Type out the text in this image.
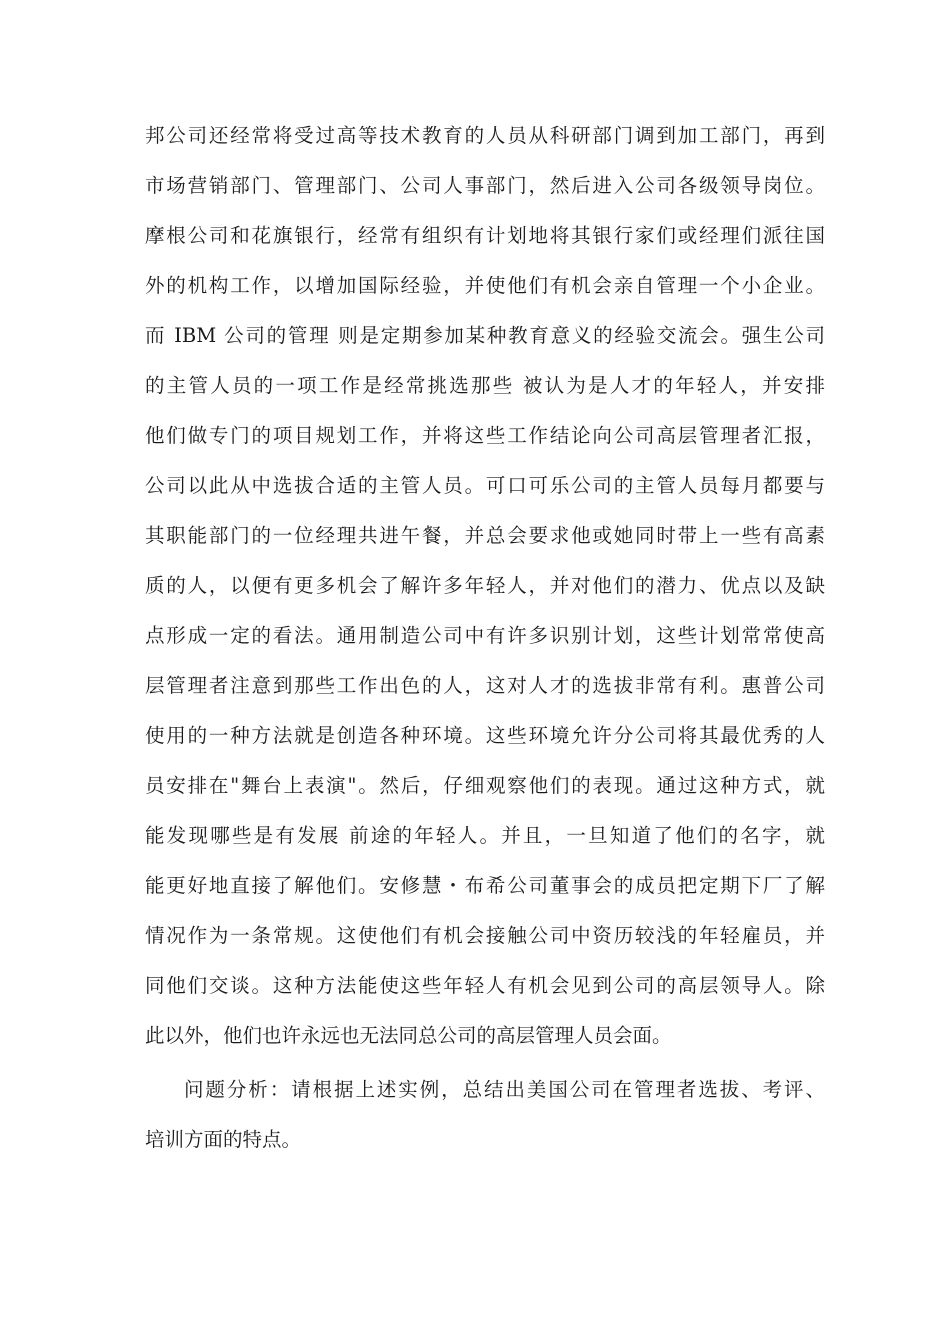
邦公司还经常将受过高等技术教育的人员从科研部门调到加工部门，再到
市场营销部门、管理部门、公司人事部门，然后进入公司各级领导岗位。
摩根公司和花旗银行，经常有组织有计划地将其银行家们或经理们派往国
外的机构工作，以增加国际经验，并使他们有机会亲自管理一个小企业。
而 IBM 公司的管理 则是定期参加某种教育意义的经验交流会。强生公司
的主管人员的一项工作是经常挑选那些 被认为是人才的年轻人，并安排
他们做专门的项目规划工作，并将这些工作结论向公司高层管理者汇报，
公司以此从中选拔合适的主管人员。可口可乐公司的主管人员每月都要与
其职能部门的一位经理共进午餐，并总会要求他或她同时带上一些有高素
质的人，以便有更多机会了解许多年轻人，并对他们的潜力、优点以及缺
点形成一定的看法。通用制造公司中有许多识别计划，这些计划常常使高
层管理者注意到那些工作出色的人，这对人才的选拔非常有利。惠普公司
使用的一种方法就是创造各种环境。这些环境允许分公司将其最优秀的人
员安排在"舞台上表演"。然后，仔细观察他们的表现。通过这种方式，就
能发现哪些是有发展 前途的年轻人。并且，一旦知道了他们的名字，就
能更好地直接了解他们。安修慧・布希公司董事会的成员把定期下厂了解
情况作为一条常规。这使他们有机会接触公司中资历较浅的年轻雇员，并
同他们交谈。这种方法能使这些年轻人有机会见到公司的高层领导人。除
此以外，他们也许永远也无法同总公司的高层管理人员会面。
问题分析：请根据上述实例，总结出美国公司在管理者选拔、考评、
培训方面的特点。
